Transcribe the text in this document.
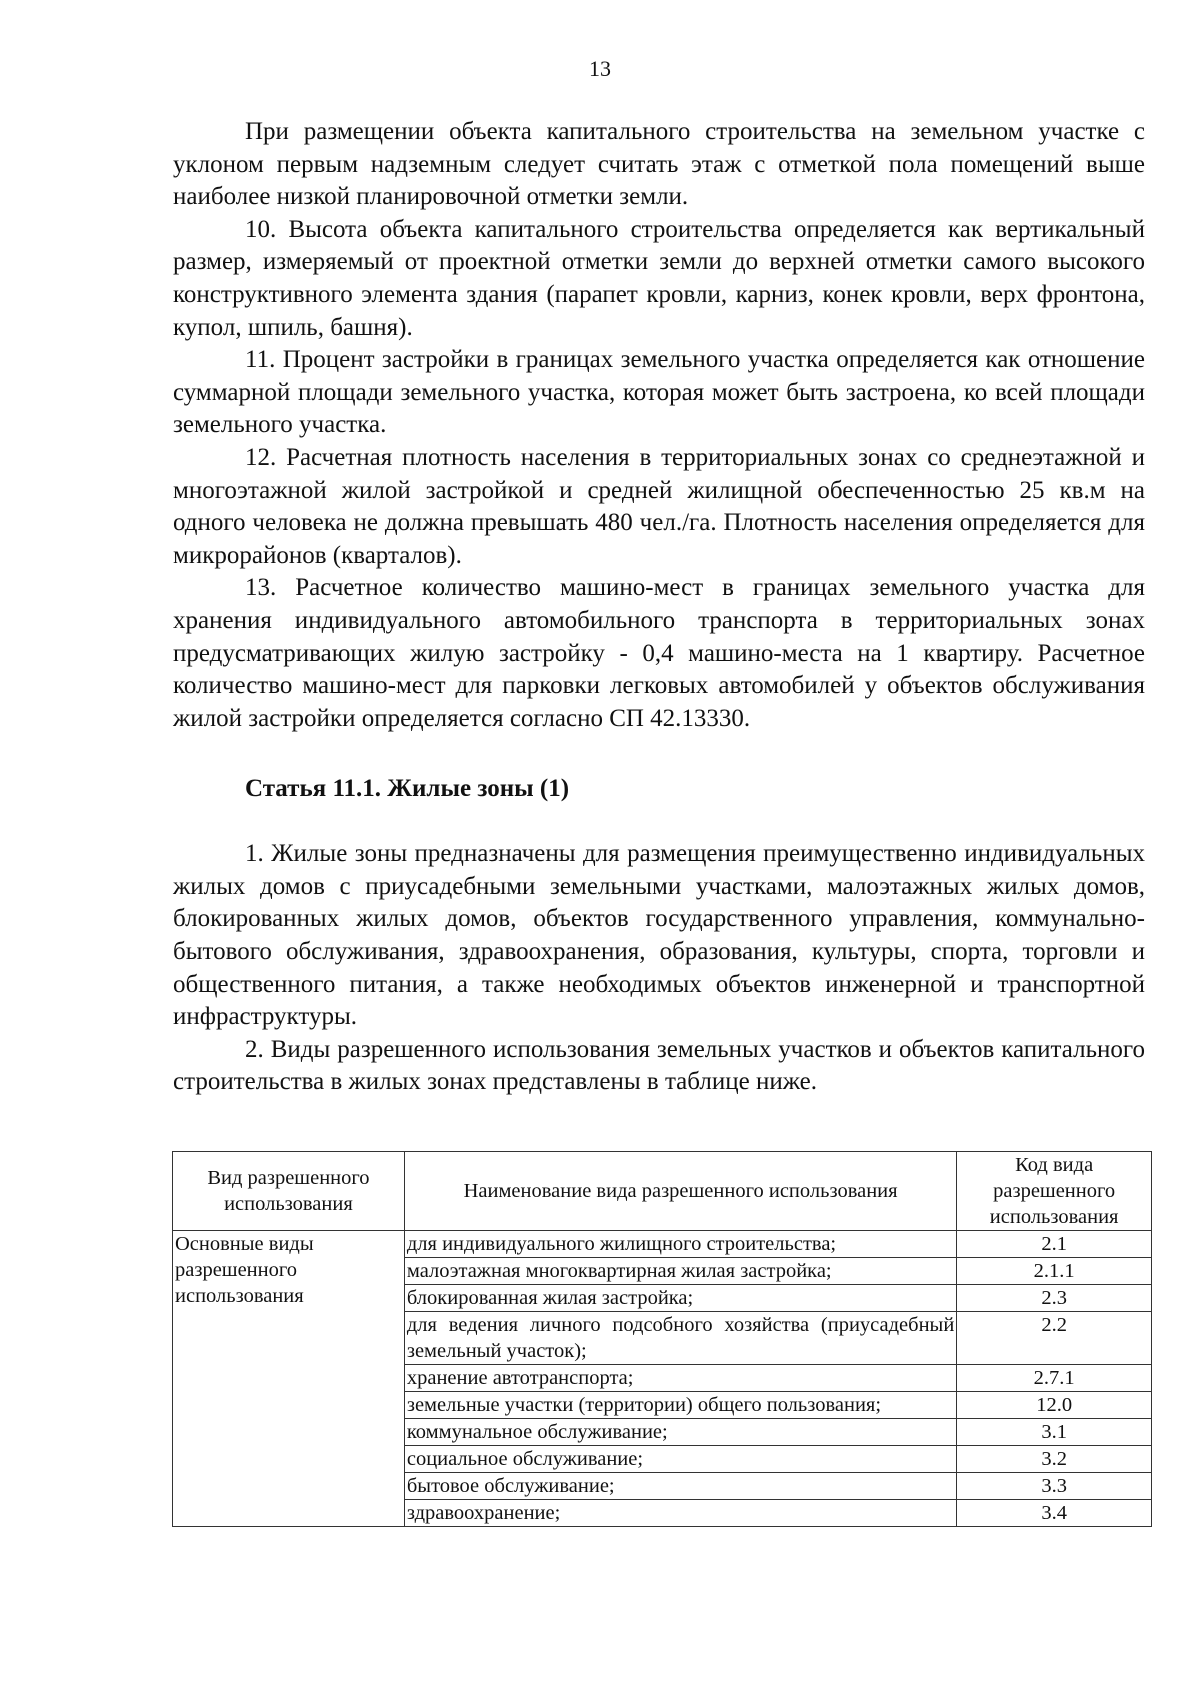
13

При размещении объекта капитального строительства на земельном участке с уклоном первым надземным следует считать этаж с отметкой пола помещений выше наиболее низкой планировочной отметки земли.

10. Высота объекта капитального строительства определяется как вертикальный размер, измеряемый от проектной отметки земли до верхней отметки самого высокого конструктивного элемента здания (парапет кровли, карниз, конек кровли, верх фронтона, купол, шпиль, башня).

11. Процент застройки в границах земельного участка определяется как отношение суммарной площади земельного участка, которая может быть застроена, ко всей площади земельного участка.

12. Расчетная плотность населения в территориальных зонах со среднеэтажной и многоэтажной жилой застройкой и средней жилищной обеспеченностью 25 кв.м на одного человека не должна превышать 480 чел./га. Плотность населения определяется для микрорайонов (кварталов).

13. Расчетное количество машино-мест в границах земельного участка для хранения индивидуального автомобильного транспорта в территориальных зонах предусматривающих жилую застройку - 0,4 машино-места на 1 квартиру. Расчетное количество машино-мест для парковки легковых автомобилей у объектов обслуживания жилой застройки определяется согласно СП 42.13330.

Статья 11.1. Жилые зоны (1)

1. Жилые зоны предназначены для размещения преимущественно индивидуальных жилых домов с приусадебными земельными участками, малоэтажных жилых домов, блокированных жилых домов, объектов государственного управления, коммунально-бытового обслуживания, здравоохранения, образования, культуры, спорта, торговли и общественного питания, а также необходимых объектов инженерной и транспортной инфраструктуры.

2. Виды разрешенного использования земельных участков и объектов капитального строительства в жилых зонах представлены в таблице ниже.

Вид разрешенного использования	Наименование вида разрешенного использования	Код вида разрешенного использования
Основные виды разрешенного использования	для индивидуального жилищного строительства;	2.1
	малоэтажная многоквартирная жилая застройка;	2.1.1
	блокированная жилая застройка;	2.3
	для ведения личного подсобного хозяйства (приусадебный земельный участок);	2.2
	хранение автотранспорта;	2.7.1
	земельные участки (территории) общего пользования;	12.0
	коммунальное обслуживание;	3.1
	социальное обслуживание;	3.2
	бытовое обслуживание;	3.3
	здравоохранение;	3.4
